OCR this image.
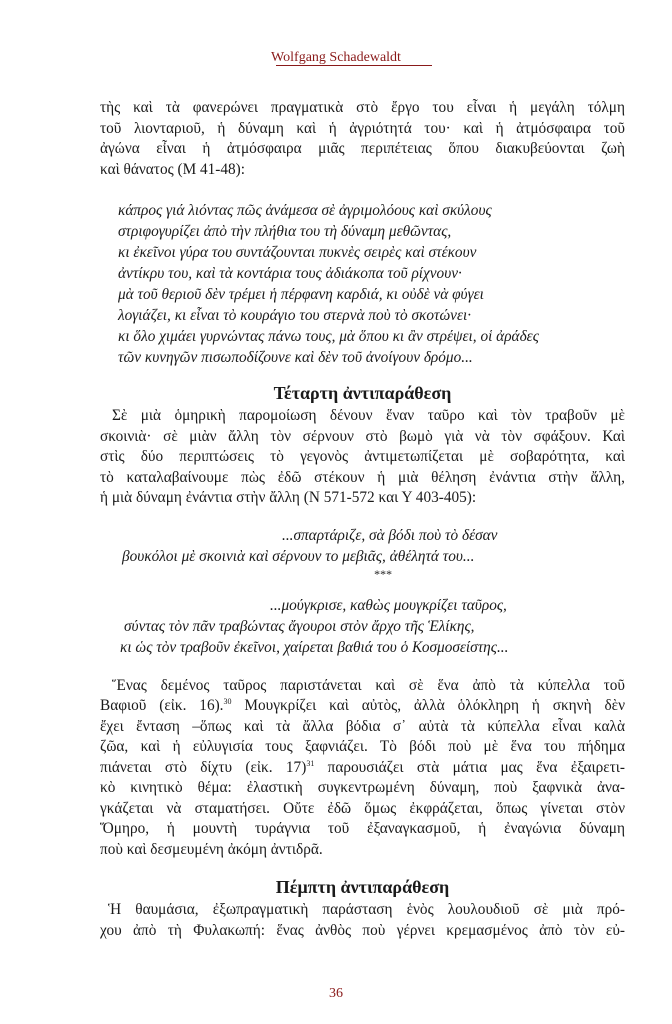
Wolfgang Schadewaldt
τὴς καὶ τὰ φανερώνει πραγματικὰ στὸ ἔργο του εἶναι ἡ μεγάλη τόλμη
τοῦ λιονταριοῦ, ἡ δύναμη καὶ ἡ ἀγριότητά του· καὶ ἡ ἀτμόσφαιρα τοῦ
ἀγώνα εἶναι ἡ ἀτμόσφαιρα μιᾶς περιπέτειας ὅπου διακυβεύονται ζωὴ
καὶ θάνατος (Μ 41-48):
κάπρος γιά λιόντας πῶς ἀνάμεσα σὲ ἀγριμολόους καὶ σκύλους
στριφογυρίζει ἀπὸ τὴν πλήθια του τὴ δύναμη μεθῶντας,
κι ἐκεῖνοι γύρα του συντάζουνται πυκνὲς σειρὲς καὶ στέκουν
ἀντίκρυ του, καὶ τὰ κοντάρια τους ἀδιάκοπα τοῦ ρίχνουν·
μὰ τοῦ θεριοῦ δὲν τρέμει ἡ πέρφανη καρδιά, κι οὐδὲ νὰ φύγει
λογιάζει, κι εἶναι τὸ κουράγιο του στερνὰ ποὺ τὸ σκοτώνει·
κι ὅλο χιμάει γυρνώντας πάνω τους, μὰ ὅπου κι ἂν στρέψει, οἱ ἀράδες
τῶν κυνηγῶν πισωποδίζουνε καὶ δὲν τοῦ ἀνοίγουν δρόμο...
Τέταρτη ἀντιπαράθεση
Σὲ μιὰ ὁμηρικὴ παρομοίωση δένουν ἕναν ταῦρο καὶ τὸν τραβοῦν μὲ
σκοινιὰ· σὲ μιὰν ἄλλη τὸν σέρνουν στὸ βωμὸ γιὰ νὰ τὸν σφάξουν. Καὶ
στὶς δύο περιπτώσεις τὸ γεγονὸς ἀντιμετωπίζεται μὲ σοβαρότητα, καὶ
τὸ καταλαβαίνουμε πὼς ἐδῶ στέκουν ἡ μιὰ θέληση ἐνάντια στὴν ἄλλη,
ἡ μιὰ δύναμη ἐνάντια στὴν ἄλλη (Ν 571-572 και Υ 403-405):
...σπαρτάριζε, σὰ βόδι ποὺ τὸ δέσαν
βουκόλοι μὲ σκοινιὰ καὶ σέρνουν το μεβιᾶς, ἀθέλητά του...
***
...μούγκρισε, καθὼς μουγκρίζει ταῦρος,
σύντας τὸν πᾶν τραβώντας ἄγουροι στὸν ἄρχο τῆς Ἑλίκης,
κι ὡς τὸν τραβοῦν ἐκεῖνοι, χαίρεται βαθιά του ὁ Κοσμοσείστης...
Ἕνας δεμένος ταῦρος παριστάνεται καὶ σὲ ἕνα ἀπὸ τὰ κύπελλα τοῦ
Βαφιοῦ (εἰκ. 16).$^{30}$ Μουγκρίζει καὶ αὐτὸς, ἀλλὰ ὁλόκληρη ἡ σκηνὴ δὲν
ἔχει ἔνταση –ὅπως καὶ τὰ ἄλλα βόδια σ᾿ αὐτὰ τὰ κύπελλα εἶναι καλὰ
ζῶα, καὶ ἡ εὐλυγισία τους ξαφνιάζει. Τὸ βόδι ποὺ μὲ ἕνα του πήδημα
πιάνεται στὸ δίχτυ (εἰκ. 17)$^{31}$ παρουσιάζει στὰ μάτια μας ἕνα ἐξαιρετι-
κὸ κινητικὸ θέμα: ἐλαστικὴ συγκεντρωμένη δύναμη, ποὺ ξαφνικὰ ἀνα-
γκάζεται νὰ σταματήσει. Οὔτε ἐδῶ ὅμως ἐκφράζεται, ὅπως γίνεται στὸν
Ὅμηρο, ἡ μουντὴ τυράγνια τοῦ ἐξαναγκασμοῦ, ἡ ἐναγώνια δύναμη
ποὺ καὶ δεσμευμένη ἀκόμη ἀντιδρᾶ.
Πέμπτη ἀντιπαράθεση
Ἡ θαυμάσια, ἐξωπραγματικὴ παράσταση ἑνὸς λουλουδιοῦ σὲ μιὰ πρό-
χου ἀπὸ τὴ Φυλακωπή: ἕνας ἀνθὸς ποὺ γέρνει κρεμασμένος ἀπὸ τὸν εὐ-
36
